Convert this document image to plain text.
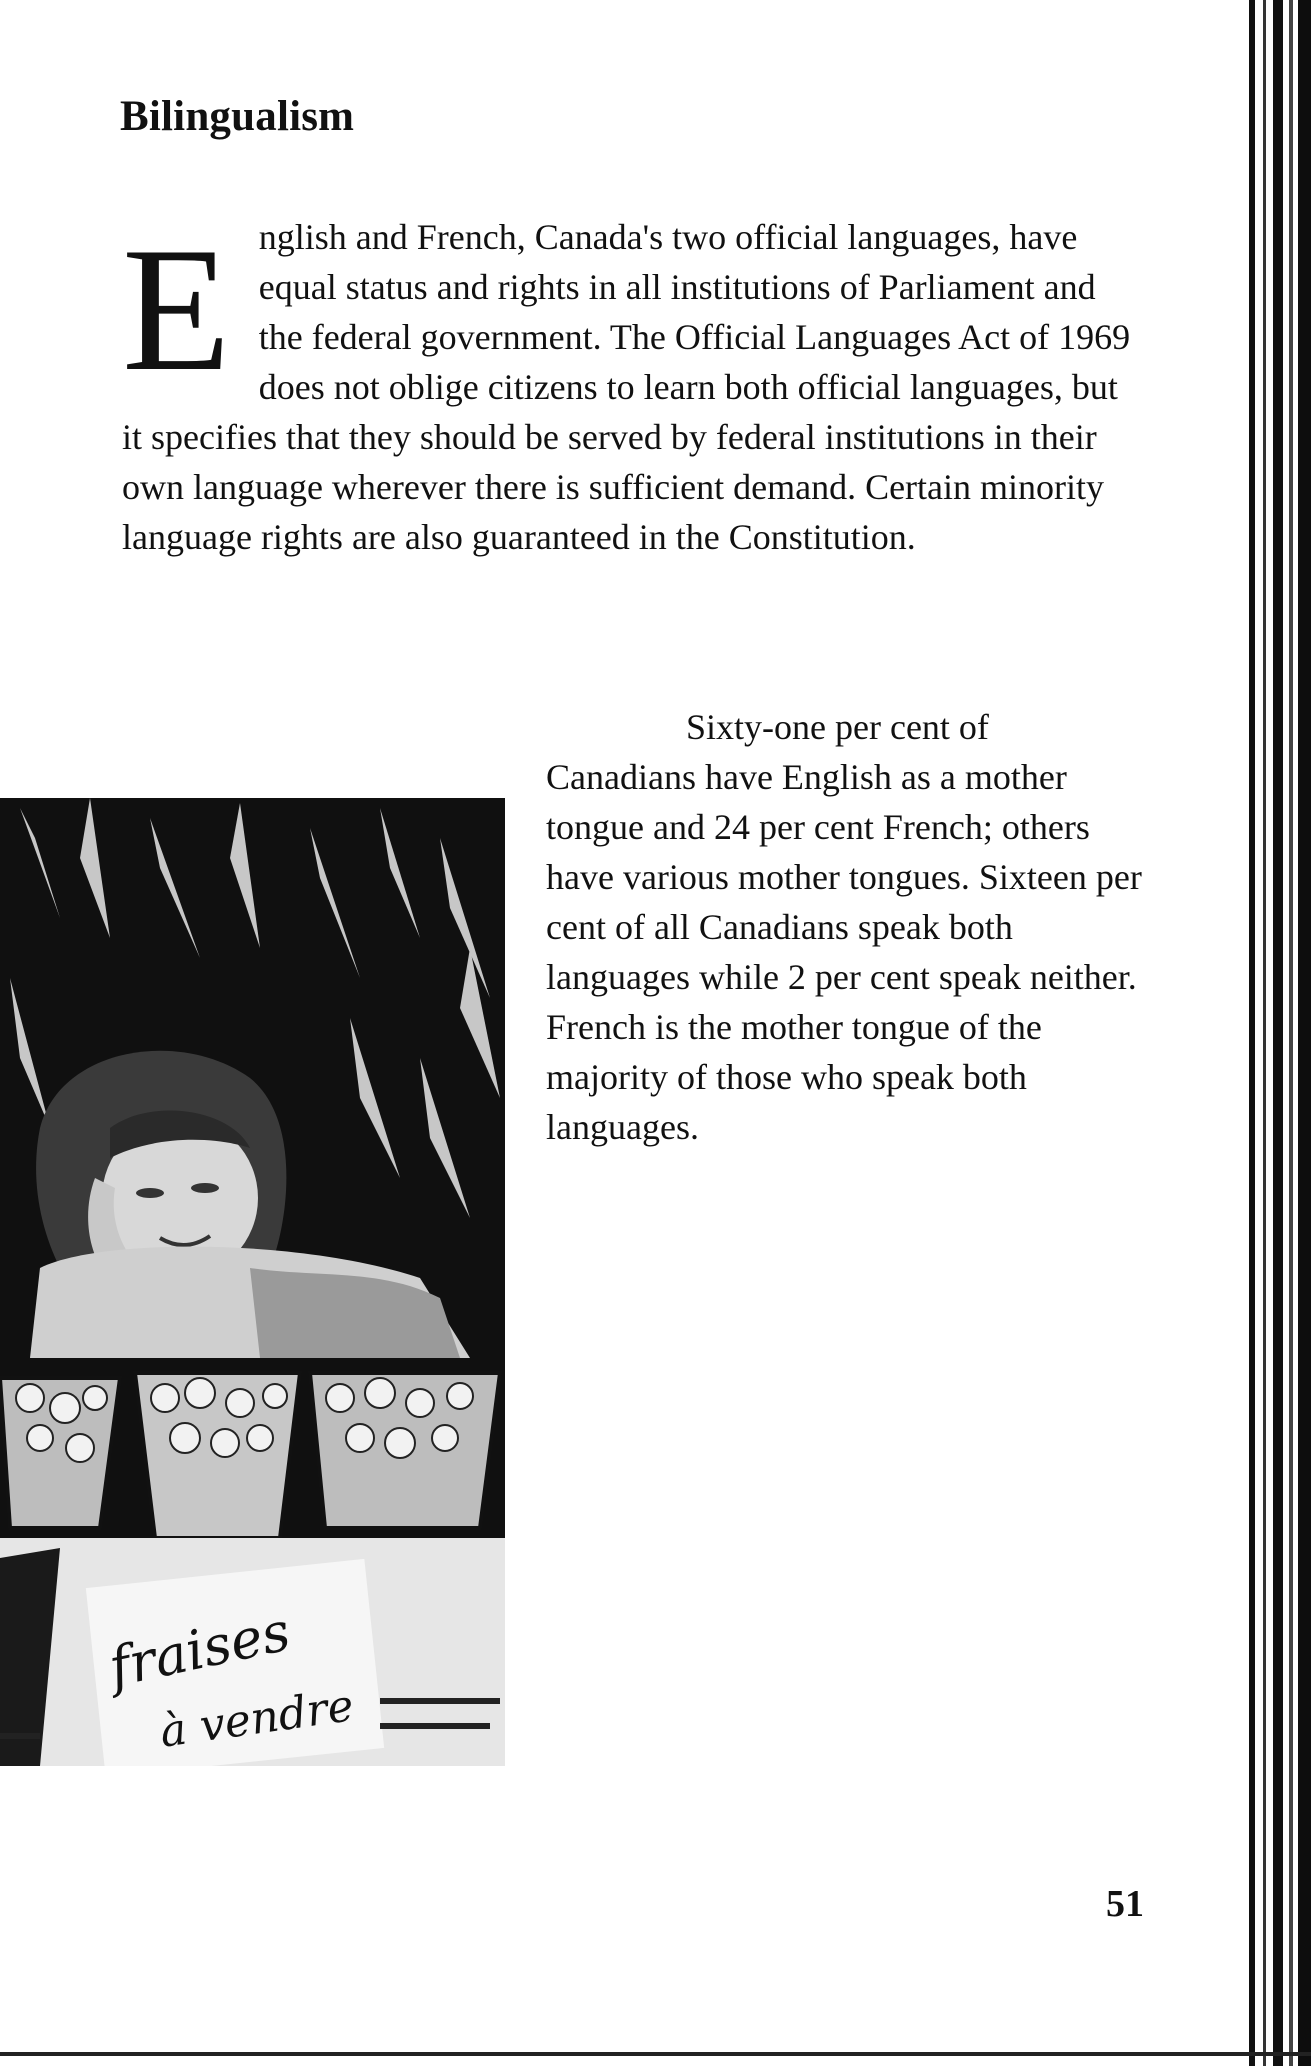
Bilingualism

English and French, Canada's two official languages, have equal status and rights in all institutions of Parliament and the federal government. The Official Languages Act of 1969 does not oblige citizens to learn both official languages, but it specifies that they should be served by federal institutions in their own language wherever there is sufficient demand. Certain minority language rights are also guaranteed in the Constitution.

Sixty-one per cent of Canadians have English as a mother tongue and 24 per cent French; others have various mother tongues. Sixteen per cent of all Canadians speak both languages while 2 per cent speak neither. French is the mother tongue of the majority of those who speak both languages.

fraises
à vendre
51
